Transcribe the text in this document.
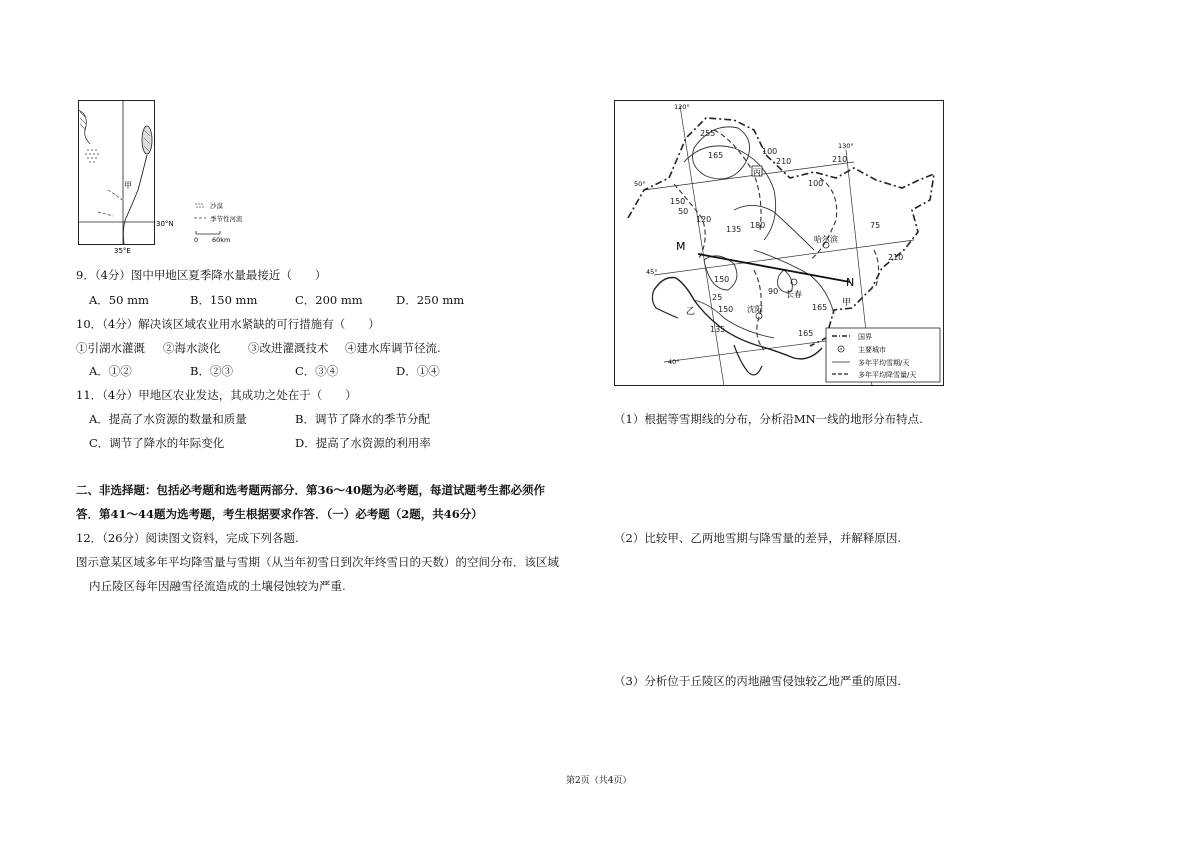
甲
30°N
35°E
沙漠
季节性河流
0 60km
9．（4分）图中甲地区夏季降水量最接近（　　）
A．50 mm	B．150 mm	C．200 mm	D．250 mm
10．（4分）解决该区域农业用水紧缺的可行措施有（　　）
①引湖水灌溉 ②海水淡化 ③改进灌溉技术 ④建水库调节径流.
A．①②	B．②③	C．③④	D．①④
11．（4分）甲地区农业发达，其成功之处在于（　　）
A．提高了水资源的数量和质量	B．调节了降水的季节分配
C．调节了降水的年际变化	D．提高了水资源的利用率
二、非选择题：包括必考题和选考题两部分．第36～40题为必考题，每道试题考生都必须作
答．第41～44题为选考题，考生根据要求作答．（一）必考题（2题，共46分）
12．（26分）阅读图文资料，完成下列各题.
图示意某区域多年平均降雪量与雪期（从当年初雪日到次年终雪日的天数）的空间分布．该区域
内丘陵区每年因融雪径流造成的土壤侵蚀较为严重.
M
N
120°
130°
50°
45°
40°
丙
甲
乙
哈尔滨
长春
沈阳
255
165
210
100
150
120
135 180	75
100
210
150
25
135
150
165
210
50
90
165
国界
主要城市
多年平均雪期/天
多年平均降雪量/天
（1）根据等雪期线的分布，分析沿MN一线的地形分布特点.
（2）比较甲、乙两地雪期与降雪量的差异，并解释原因.
（3）分析位于丘陵区的丙地融雪侵蚀较乙地严重的原因.
第2页（共4页）
